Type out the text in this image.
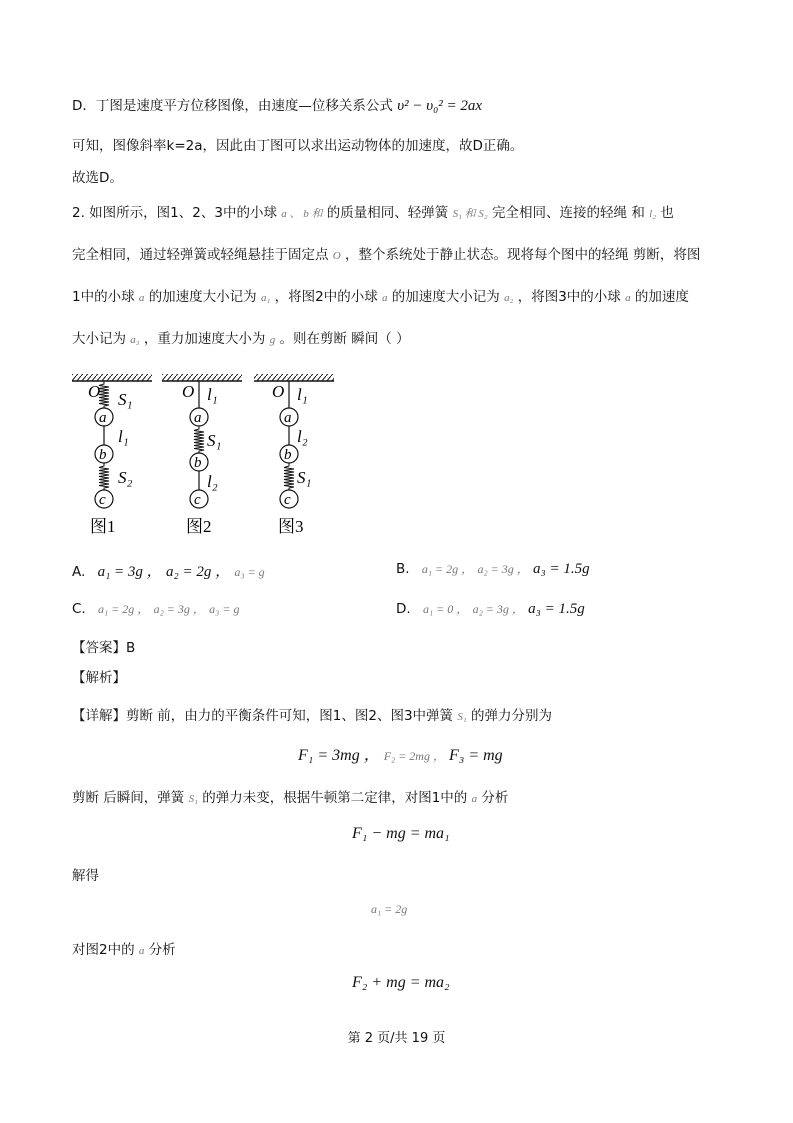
D．丁图是速度平方位移图像，由速度—位移关系公式 υ² − υ₀² = 2ax
可知，图像斜率k=2a，因此由丁图可以求出运动物体的加速度，故D正确。
故选D。
2. 如图所示，图1、2、3中的小球 a 、 b 和 的质量相同、轻弹簧 S₁ 和 S₂ 完全相同、连接的轻绳 和 l₂ 也
完全相同，通过轻弹簧或轻绳悬挂于固定点 O ，整个系统处于静止状态。现将每个图中的轻绳 剪断，将图
1中的小球 a 的加速度大小记为 a₁ ，将图2中的小球 a 的加速度大小记为 a₂ ，将图3中的小球 a 的加速度
大小记为 a₃ ，重力加速度大小为 g 。则在剪断 瞬间（ ）
O S₁
a
l₁
b
S₂
c
图1
O l₁
a
S₁
b
l₂
c
图2
O l₁
a
l₂
b
S₁
c
图3
A. a₁ = 3g ， a₂ = 2g ， a₃ = g	B. a₁ = 2g ， a₂ = 3g ， a₃ = 1.5g
C. a₁ = 2g ， a₂ = 3g ， a₃ = g	D. a₁ = 0 ， a₂ = 3g ， a₃ = 1.5g
【答案】B
【解析】
【详解】剪断 前，由力的平衡条件可知，图1、图2、图3中弹簧 S₁ 的弹力分别为
F₁ = 3mg ， F₂ = 2mg ， F₃ = mg
剪断 后瞬间，弹簧 S₁ 的弹力未变，根据牛顿第二定律，对图1中的 a 分析
F₁ − mg = ma₁
解得
a₁ = 2g
对图2中的 a 分析
F₂ + mg = ma₂
第 2 页/共 19 页
